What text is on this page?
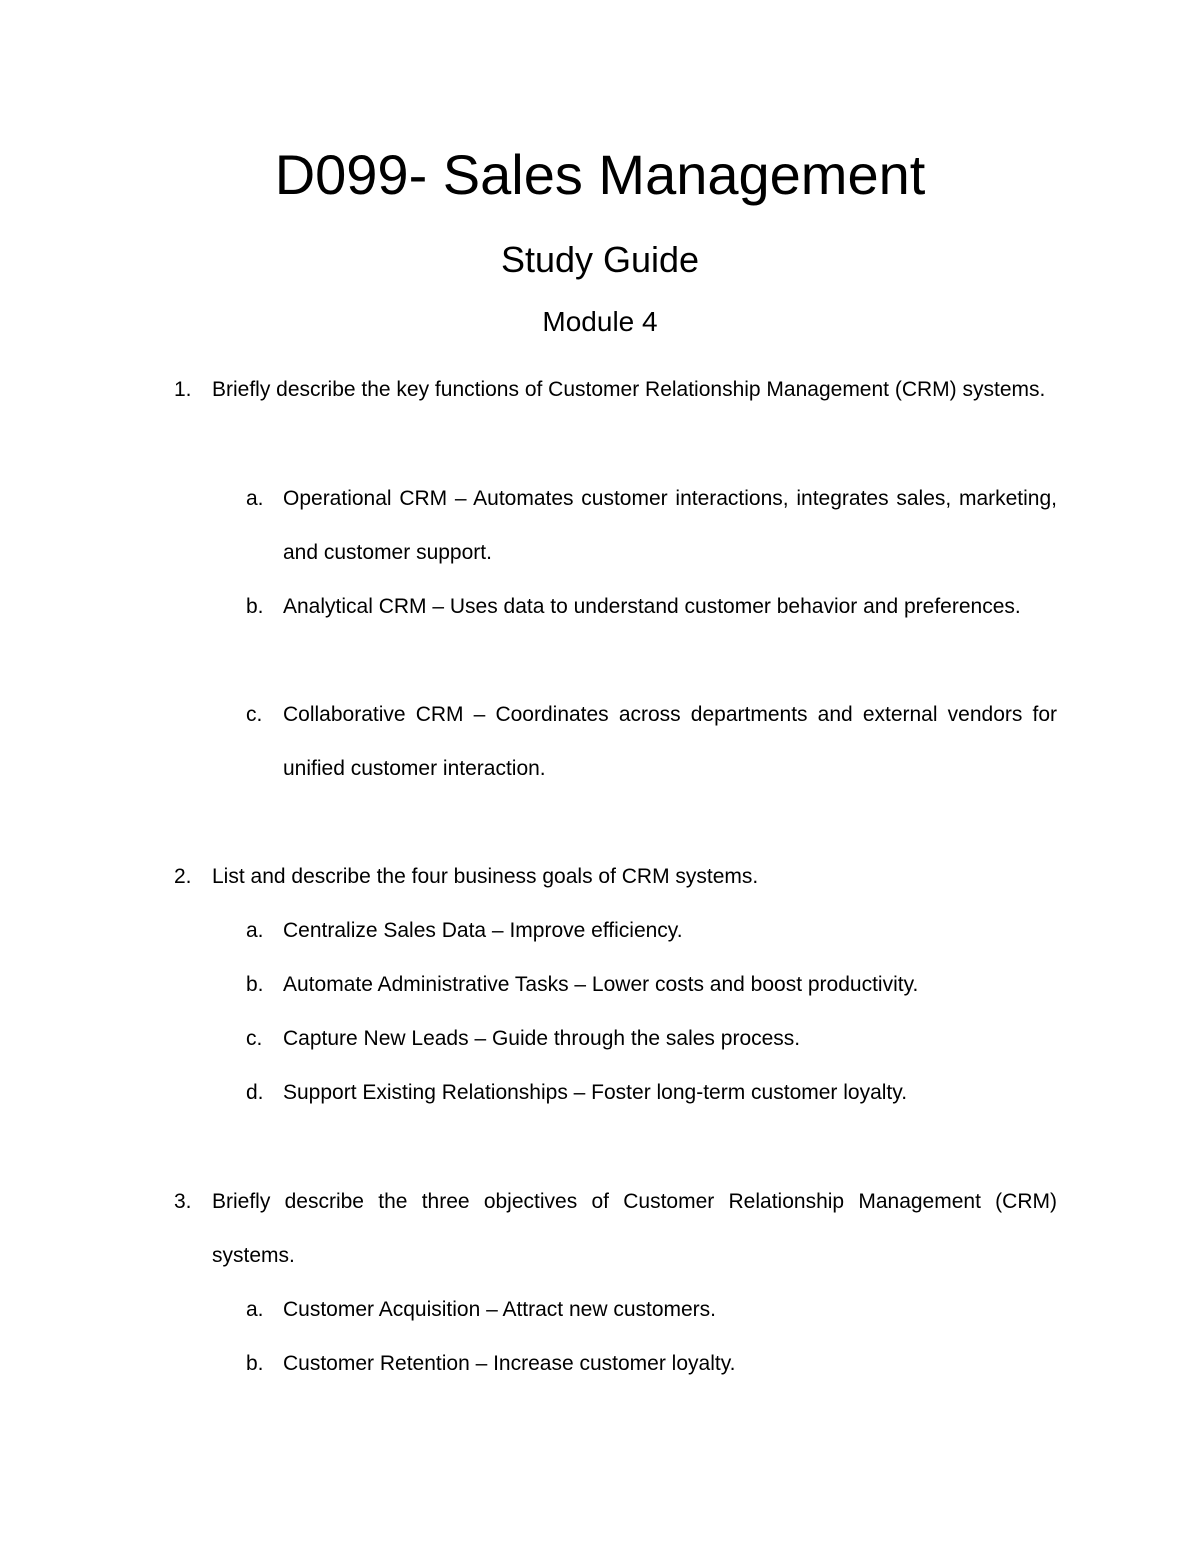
D099- Sales Management
Study Guide
Module 4
1. Briefly describe the key functions of Customer Relationship Management (CRM) systems.

a. Operational CRM – Automates customer interactions, integrates sales, marketing, and customer support.

b. Analytical CRM – Uses data to understand customer behavior and preferences.

c. Collaborative CRM – Coordinates across departments and external vendors for unified customer interaction.

2. List and describe the four business goals of CRM systems.

a. Centralize Sales Data – Improve efficiency.

b. Automate Administrative Tasks – Lower costs and boost productivity.

c. Capture New Leads – Guide through the sales process.

d. Support Existing Relationships – Foster long-term customer loyalty.

3. Briefly describe the three objectives of Customer Relationship Management (CRM) systems.

a. Customer Acquisition – Attract new customers.

b. Customer Retention – Increase customer loyalty.
